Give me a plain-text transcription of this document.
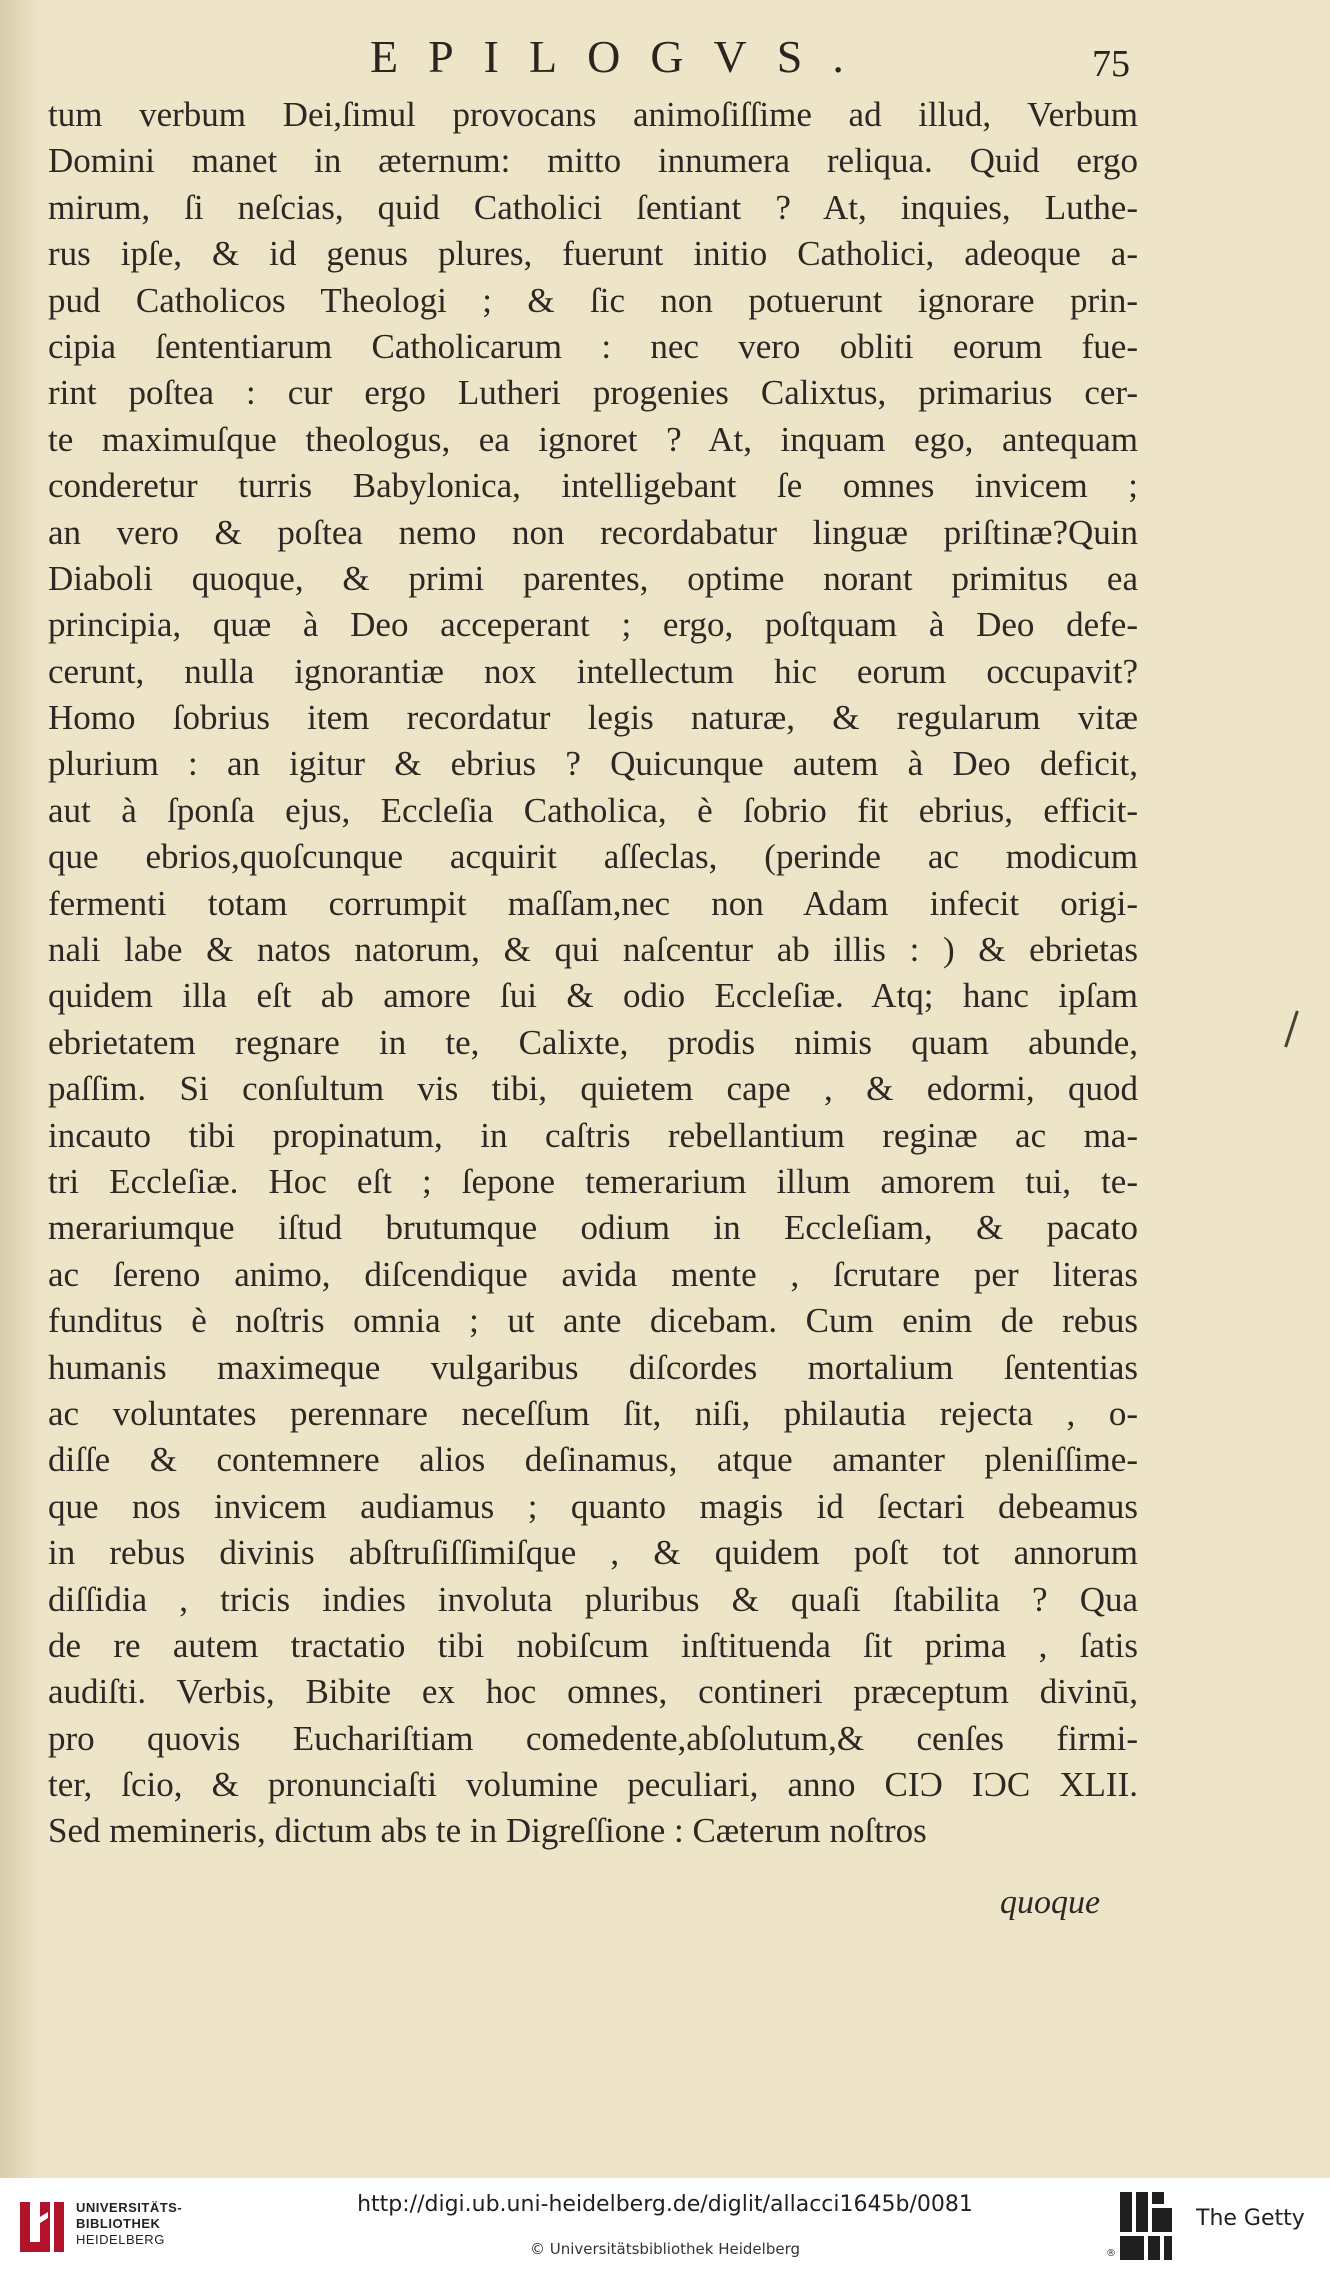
EPILOGVS.	75
tum verbum Dei,ſimul provocans animoſiſſime ad illud, Verbum
Domini manet in æternum: mitto innumera reliqua. Quid ergo
mirum, ſi neſcias, quid Catholici ſentiant ? At, inquies, Luthe-
rus ipſe, & id genus plures, fuerunt initio Catholici, adeoque a-
pud Catholicos Theologi ; & ſic non potuerunt ignorare prin-
cipia ſententiarum Catholicarum : nec vero obliti eorum fue-
rint poſtea : cur ergo Lutheri progenies Calixtus, primarius cer-
te maximuſque theologus, ea ignoret ? At, inquam ego, antequam
conderetur turris Babylonica, intelligebant ſe omnes invicem ;
an vero & poſtea nemo non recordabatur linguæ priſtinæ?Quin
Diaboli quoque, & primi parentes, optime norant primitus ea
principia, quæ à Deo acceperant ; ergo, poſtquam à Deo defe-
cerunt, nulla ignorantiæ nox intellectum hic eorum occupavit?
Homo ſobrius item recordatur legis naturæ, & regularum vitæ
plurium : an igitur & ebrius ? Quicunque autem à Deo deficit,
aut à ſponſa ejus, Eccleſia Catholica, è ſobrio fit ebrius, efficit-
que ebrios,quoſcunque acquirit aſſeclas, (perinde ac modicum
fermenti totam corrumpit maſſam,nec non Adam infecit origi-
nali labe & natos natorum, & qui naſcentur ab illis : ) & ebrietas
quidem illa eſt ab amore ſui & odio Eccleſiæ. Atq; hanc ipſam
ebrietatem regnare in te, Calixte, prodis nimis quam abunde,
paſſim. Si conſultum vis tibi, quietem cape , & edormi, quod
incauto tibi propinatum, in caſtris rebellantium reginæ ac ma-
tri Eccleſiæ. Hoc eſt ; ſepone temerarium illum amorem tui, te-
merariumque iſtud brutumque odium in Eccleſiam, & pacato
ac ſereno animo, diſcendique avida mente , ſcrutare per literas
funditus è noſtris omnia ; ut ante dicebam. Cum enim de rebus
humanis maximeque vulgaribus diſcordes mortalium ſententias
ac voluntates perennare neceſſum ſit, niſi, philautia rejecta , o-
diſſe & contemnere alios deſinamus, atque amanter pleniſſime-
que nos invicem audiamus ; quanto magis id ſectari debeamus
in rebus divinis abſtruſiſſimiſque , & quidem poſt tot annorum
diſſidia , tricis indies involuta pluribus & quaſi ſtabilita ? Qua
de re autem tractatio tibi nobiſcum inſtituenda ſit prima , ſatis
audiſti. Verbis, Bibite ex hoc omnes, contineri præceptum divinū,
pro quovis Euchariſtiam comedente,abſolutum,& cenſes firmi-
ter, ſcio, & pronunciaſti volumine peculiari, anno CIƆ IƆC XLII.
Sed memineris, dictum abs te in Digreſſione : Cæterum noſtros
quoque
UNIVERSITÄTS-
BIBLIOTHEK
HEIDELBERG
http://digi.ub.uni-heidelberg.de/diglit/allacci1645b/0081
© Universitätsbibliothek Heidelberg	®
The Getty
